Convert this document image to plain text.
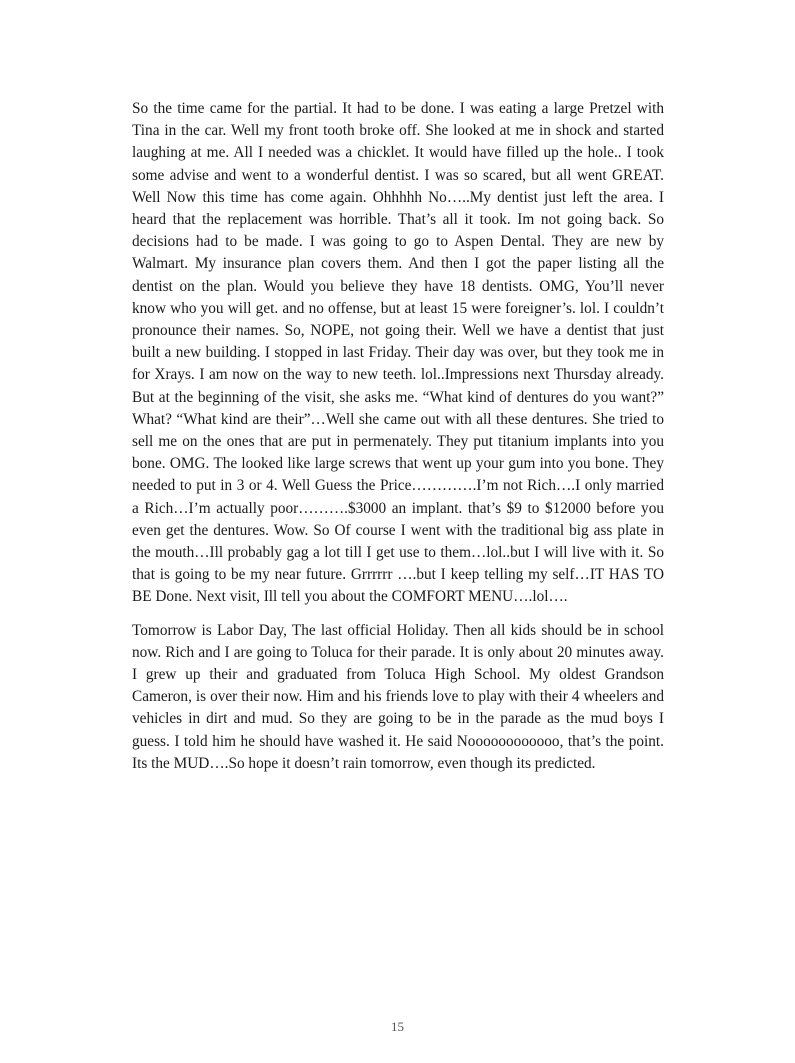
So the time came for the partial. It had to be done. I was eating a large Pretzel with Tina in the car. Well my front tooth broke off. She looked at me in shock and started laughing at me. All I needed was a chicklet. It would have filled up the hole.. I took some advise and went to a wonderful dentist. I was so scared, but all went GREAT. Well Now this time has come again. Ohhhhh No…..My dentist just left the area. I heard that the replacement was horrible. That’s all it took. Im not going back. So decisions had to be made. I was going to go to Aspen Dental. They are new by Walmart. My insurance plan covers them. And then I got the paper listing all the dentist on the plan. Would you believe they have 18 dentists. OMG, You’ll never know who you will get. and no offense, but at least 15 were foreigner’s. lol. I couldn’t pronounce their names. So, NOPE, not going their. Well we have a dentist that just built a new building. I stopped in last Friday. Their day was over, but they took me in for Xrays. I am now on the way to new teeth. lol..Impressions next Thursday already. But at the beginning of the visit, she asks me. “What kind of dentures do you want?” What? “What kind are their”…Well she came out with all these dentures. She tried to sell me on the ones that are put in permenately. They put titanium implants into you bone. OMG. The looked like large screws that went up your gum into you bone. They needed to put in 3 or 4. Well Guess the Price………….I’m not Rich….I only married a Rich…I’m actually poor……….$3000 an implant. that’s $9 to $12000 before you even get the dentures. Wow. So Of course I went with the traditional big ass plate in the mouth…Ill probably gag a lot till I get use to them…lol..but I will live with it. So that is going to be my near future. Grrrrrr ….but I keep telling my self…IT HAS TO BE Done. Next visit, Ill tell you about the COMFORT MENU….lol….

Tomorrow is Labor Day, The last official Holiday. Then all kids should be in school now. Rich and I are going to Toluca for their parade. It is only about 20 minutes away. I grew up their and graduated from Toluca High School. My oldest Grandson Cameron, is over their now. Him and his friends love to play with their 4 wheelers and vehicles in dirt and mud. So they are going to be in the parade as the mud boys I guess. I told him he should have washed it. He said Noooooooooooo, that’s the point. Its the MUD….So hope it doesn’t rain tomorrow, even though its predicted.

15
